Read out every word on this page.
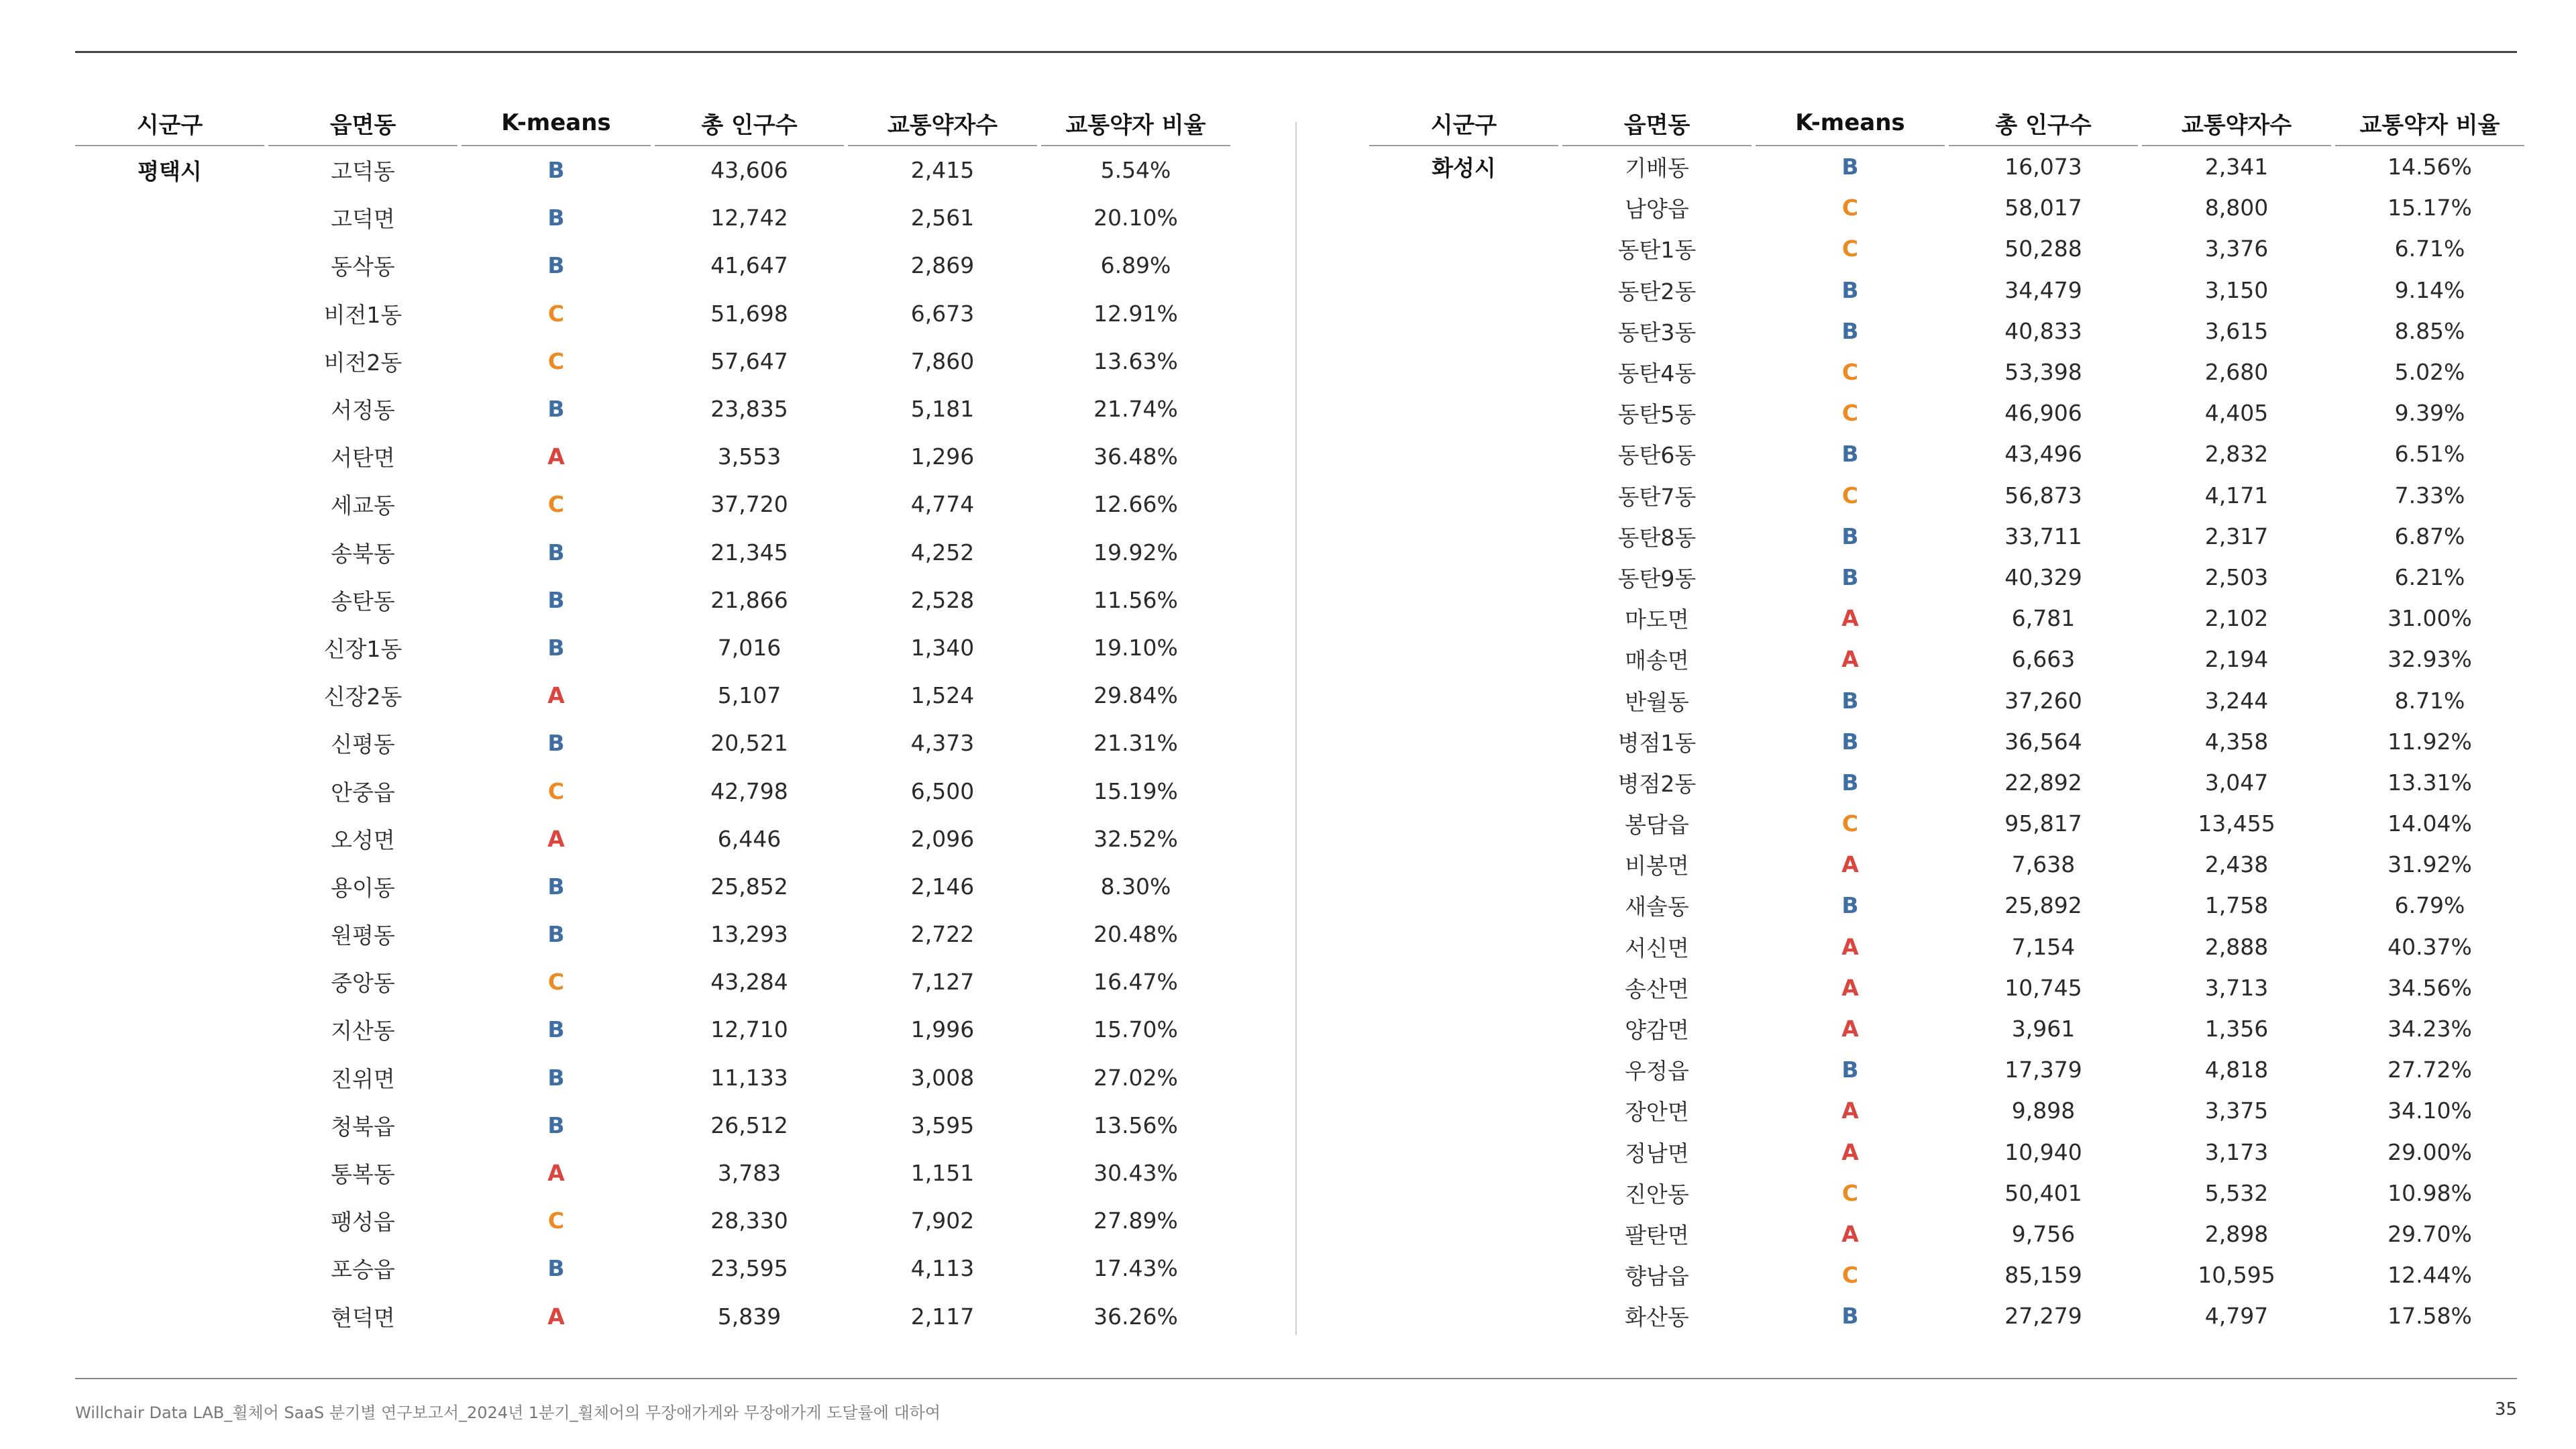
시군구	읍면동	K-means	총 인구수	교통약자수	교통약자 비율
평택시	고덕동	B	43,606	2,415	5.54%
	고덕면	B	12,742	2,561	20.10%
	동삭동	B	41,647	2,869	6.89%
	비전1동	C	51,698	6,673	12.91%
	비전2동	C	57,647	7,860	13.63%
	서정동	B	23,835	5,181	21.74%
	서탄면	A	3,553	1,296	36.48%
	세교동	C	37,720	4,774	12.66%
	송북동	B	21,345	4,252	19.92%
	송탄동	B	21,866	2,528	11.56%
	신장1동	B	7,016	1,340	19.10%
	신장2동	A	5,107	1,524	29.84%
	신평동	B	20,521	4,373	21.31%
	안중읍	C	42,798	6,500	15.19%
	오성면	A	6,446	2,096	32.52%
	용이동	B	25,852	2,146	8.30%
	원평동	B	13,293	2,722	20.48%
	중앙동	C	43,284	7,127	16.47%
	지산동	B	12,710	1,996	15.70%
	진위면	B	11,133	3,008	27.02%
	청북읍	B	26,512	3,595	13.56%
	통복동	A	3,783	1,151	30.43%
	팽성읍	C	28,330	7,902	27.89%
	포승읍	B	23,595	4,113	17.43%
	현덕면	A	5,839	2,117	36.26%
시군구	읍면동	K-means	총 인구수	교통약자수	교통약자 비율
화성시	기배동	B	16,073	2,341	14.56%
	남양읍	C	58,017	8,800	15.17%
	동탄1동	C	50,288	3,376	6.71%
	동탄2동	B	34,479	3,150	9.14%
	동탄3동	B	40,833	3,615	8.85%
	동탄4동	C	53,398	2,680	5.02%
	동탄5동	C	46,906	4,405	9.39%
	동탄6동	B	43,496	2,832	6.51%
	동탄7동	C	56,873	4,171	7.33%
	동탄8동	B	33,711	2,317	6.87%
	동탄9동	B	40,329	2,503	6.21%
	마도면	A	6,781	2,102	31.00%
	매송면	A	6,663	2,194	32.93%
	반월동	B	37,260	3,244	8.71%
	병점1동	B	36,564	4,358	11.92%
	병점2동	B	22,892	3,047	13.31%
	봉담읍	C	95,817	13,455	14.04%
	비봉면	A	7,638	2,438	31.92%
	새솔동	B	25,892	1,758	6.79%
	서신면	A	7,154	2,888	40.37%
	송산면	A	10,745	3,713	34.56%
	양감면	A	3,961	1,356	34.23%
	우정읍	B	17,379	4,818	27.72%
	장안면	A	9,898	3,375	34.10%
	정남면	A	10,940	3,173	29.00%
	진안동	C	50,401	5,532	10.98%
	팔탄면	A	9,756	2,898	29.70%
	향남읍	C	85,159	10,595	12.44%
	화산동	B	27,279	4,797	17.58%
Willchair Data LAB_휠체어 SaaS 분기별 연구보고서_2024년 1분기_휠체어의 무장애가게와 무장애가게 도달률에 대하여	35
